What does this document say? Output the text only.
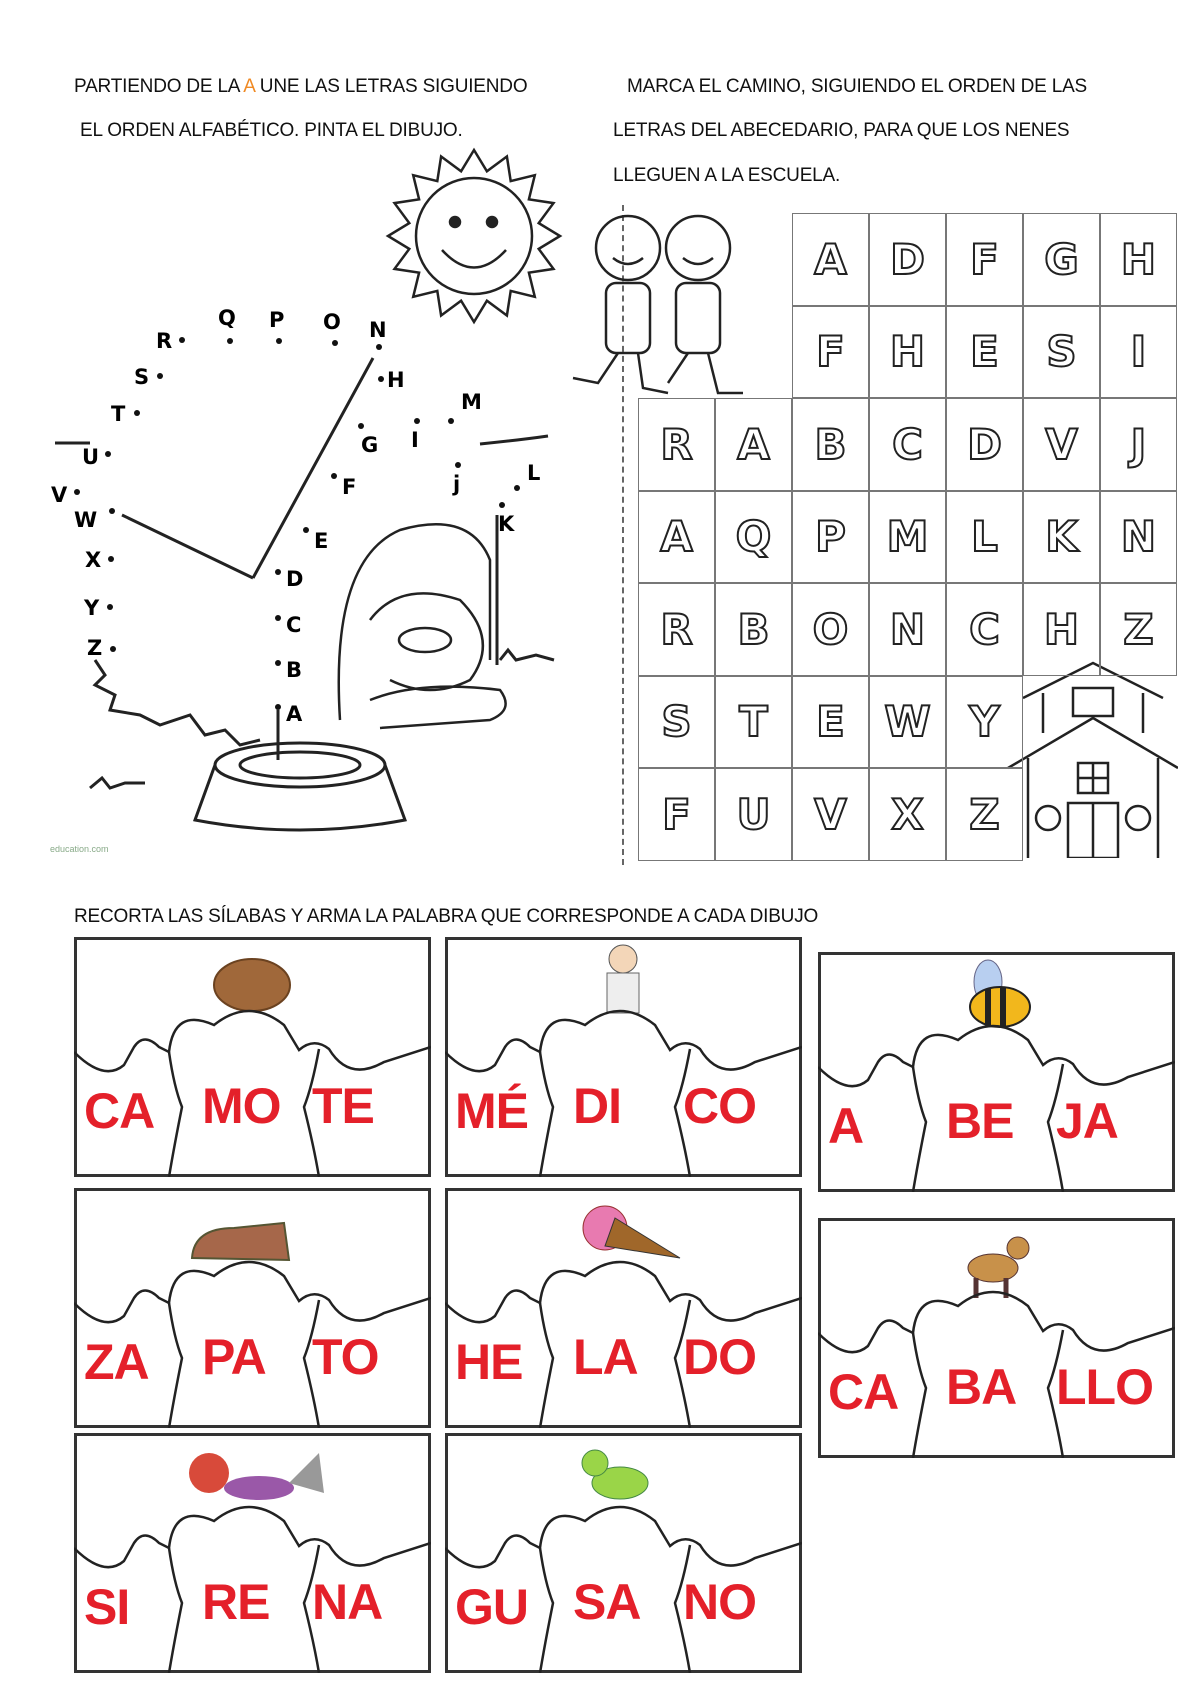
PARTIENDO DE LA A UNE LAS LETRAS SIGUIENDO
EL ORDEN ALFABÉTICO. PINTA EL DIBUJO.
MARCA EL CAMINO, SIGUIENDO EL ORDEN DE LAS
LETRAS DEL ABECEDARIO, PARA QUE LOS NENES
LLEGUEN A LA ESCUELA.
education.com
A
B
C
D
E
F
G
H
I
j
K
L
M
N
O
P
Q
R
S
T
U
V
W
X
Y
Z
A D F G H
F H E S I
R A B C D V J
A Q P M L K N
R B O N C H Z
S T E W Y
F U V X Z
RECORTA LAS SÍLABAS Y ARMA LA PALABRA QUE CORRESPONDE A CADA DIBUJO
CA MO TE MÉ DI CO A BE JA
ZA PA TO HE LA DO
CA BA LLO
SI RE NA GU SA NO
